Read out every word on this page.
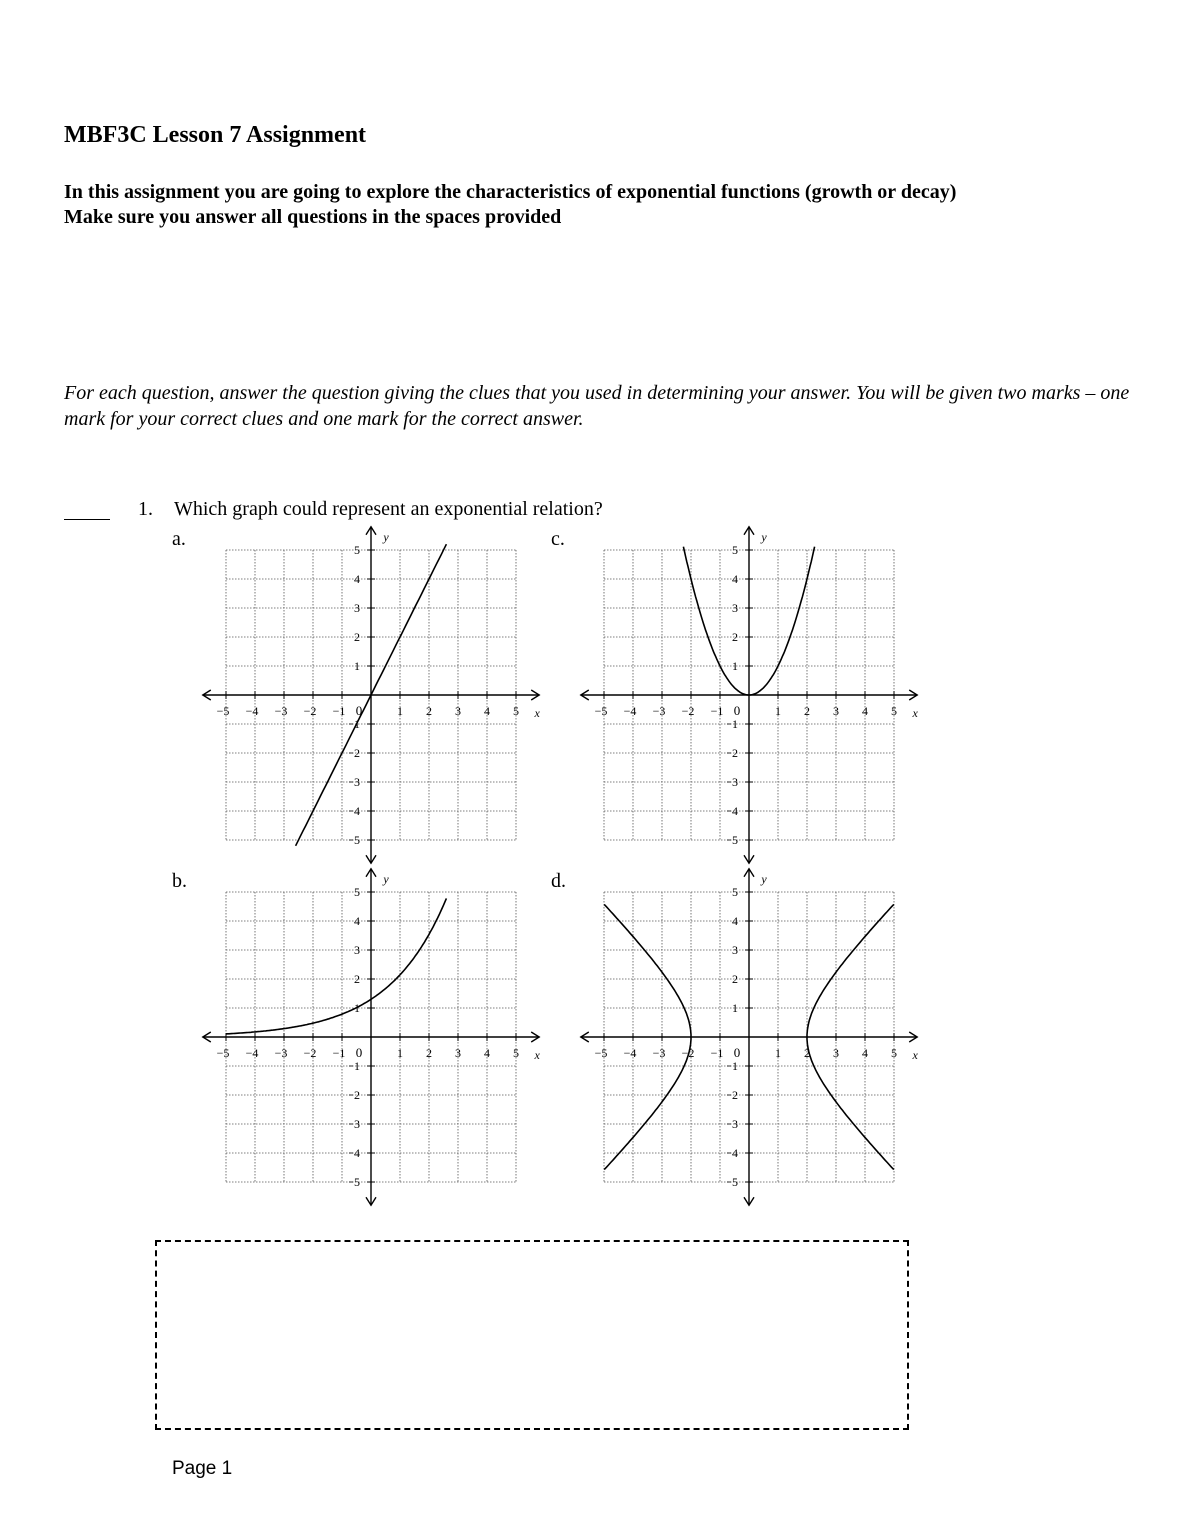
MBF3C Lesson 7 Assignment
In this assignment you are going to explore the characteristics of exponential functions (growth or decay)
Make sure you answer all questions in the spaces provided
For each question, answer the question giving the clues that you used in determining your answer. You will be given two marks – one mark for your correct clues and one mark for the correct answer.
1. Which graph could represent an exponential relation?
a.	c.
b.	d.
−5 −4 −3 −2 −1	1 2 3 4 5
1
1
2
2
3
3
4
4
5
5
0	x
y
−5 −4 −3 −2 −1	1 2 3 4 5
1
1
2
2
3
3
4
4
5
5
0	x
y
−5 −4 −3 −2 −1	1 2 3 4 5
1
1
2
2
3
3
4
4
5
5
0	x
y
−5 −4 −3 −2 −1	1 2 3 4 5
1
1
2
2
3
3
4
4
5
5
0	x
y
Page 1
